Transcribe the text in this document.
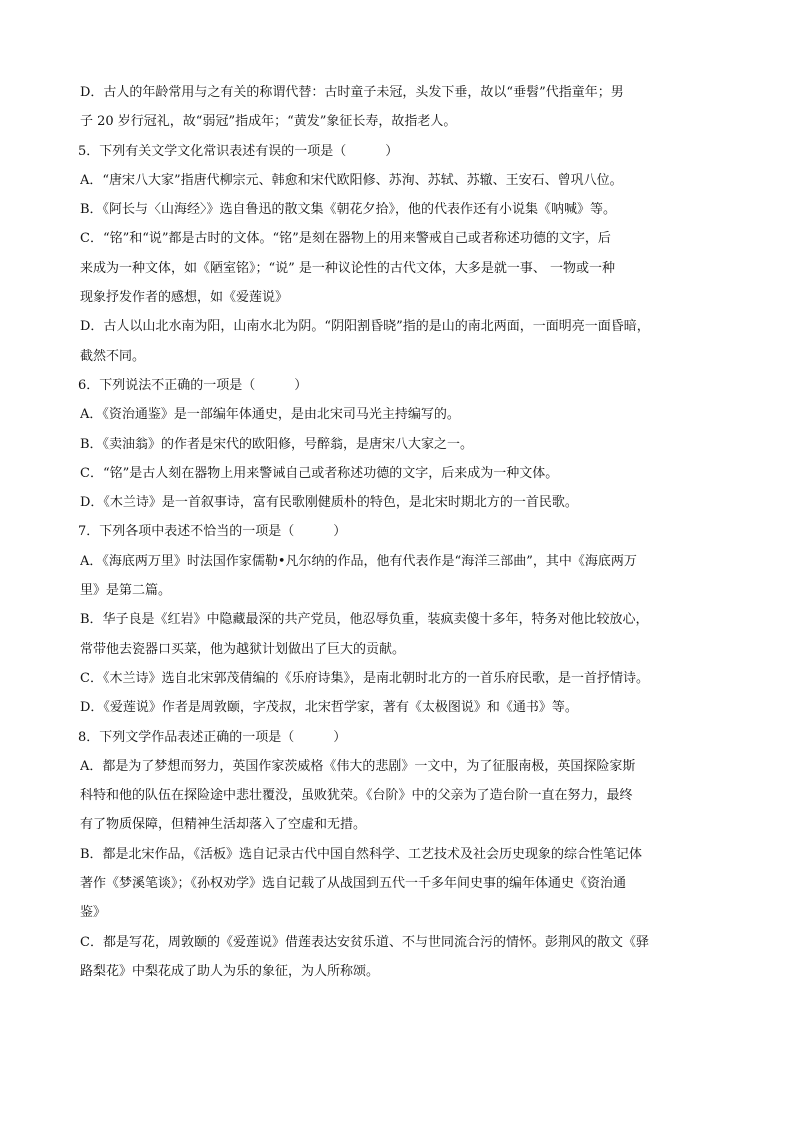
D．古人的年龄常用与之有关的称谓代替：古时童子未冠，头发下垂，故以“垂髫”代指童年；男
子 20 岁行冠礼，故“弱冠”指成年；“黄发”象征长寿，故指老人。
5．下列有关文学文化常识表述有误的一项是（　　　）
A．“唐宋八大家”指唐代柳宗元、韩愈和宋代欧阳修、苏洵、苏轼、苏辙、王安石、曾巩八位。
B．《阿长与〈山海经〉》选自鲁迅的散文集《朝花夕拾》，他的代表作还有小说集《呐喊》等。
C．“铭”和“说”都是古时的文体。“铭”是刻在器物上的用来警戒自己或者称述功德的文字，后
来成为一种文体，如《陋室铭》；“说” 是一种议论性的古代文体，大多是就一事、 一物或一种
现象抒发作者的感想，如《爱莲说》
D．古人以山北水南为阳，山南水北为阴。“阴阳割昏晓”指的是山的南北两面，一面明亮一面昏暗，
截然不同。
6．下列说法不正确的一项是（　　　）
A．《资治通鉴》是一部编年体通史，是由北宋司马光主持编写的。
B．《卖油翁》的作者是宋代的欧阳修，号醉翁，是唐宋八大家之一。
C．“铭”是古人刻在器物上用来警诫自己或者称述功德的文字，后来成为一种文体。
D．《木兰诗》是一首叙事诗，富有民歌刚健质朴的特色，是北宋时期北方的一首民歌。
7．下列各项中表述不恰当的一项是（　　　）
A．《海底两万里》时法国作家儒勒•凡尔纳的作品，他有代表作是“海洋三部曲”，其中《海底两万
里》是第二篇。
B．华子良是《红岩》中隐藏最深的共产党员，他忍辱负重，装疯卖傻十多年，特务对他比较放心，
常带他去瓷器口买菜，他为越狱计划做出了巨大的贡献。
C．《木兰诗》选自北宋郭茂倩编的《乐府诗集》，是南北朝时北方的一首乐府民歌，是一首抒情诗。
D．《爱莲说》作者是周敦颐，字茂叔，北宋哲学家，著有《太极图说》和《通书》等。
8．下列文学作品表述正确的一项是（　　　）
A．都是为了梦想而努力，英国作家茨威格《伟大的悲剧》一文中，为了征服南极，英国探险家斯
科特和他的队伍在探险途中悲壮覆没，虽败犹荣。《台阶》中的父亲为了造台阶一直在努力，最终
有了物质保障，但精神生活却落入了空虚和无措。
B．都是北宋作品，《活板》选自记录古代中国自然科学、工艺技术及社会历史现象的综合性笔记体
著作《梦溪笔谈》；《孙权劝学》选自记载了从战国到五代一千多年间史事的编年体通史《资治通
鉴》
C．都是写花，周敦颐的《爱莲说》借莲表达安贫乐道、不与世同流合污的情怀。彭荆风的散文《驿
路梨花》中梨花成了助人为乐的象征，为人所称颂。
